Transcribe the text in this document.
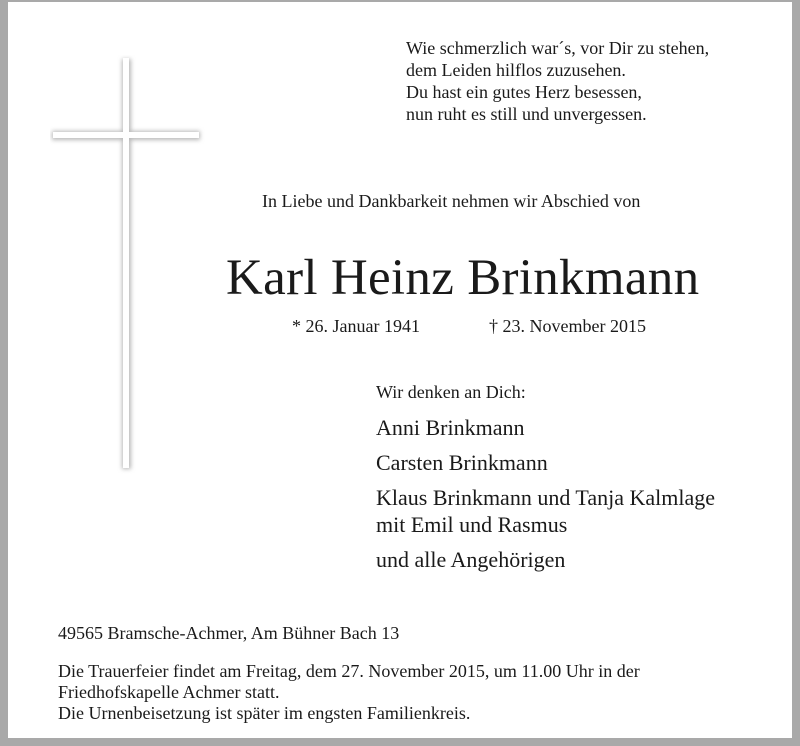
Wie schmerzlich war´s, vor Dir zu stehen,
dem Leiden hilflos zuzusehen.
Du hast ein gutes Herz besessen,
nun ruht es still und unvergessen.
In Liebe und Dankbarkeit nehmen wir Abschied von
Karl Heinz Brinkmann
* 26. Januar 1941	† 23. November 2015
Wir denken an Dich:
Anni Brinkmann
Carsten Brinkmann
Klaus Brinkmann und Tanja Kalmlage
mit Emil und Rasmus
und alle Angehörigen
49565 Bramsche-Achmer, Am Bühner Bach 13
Die Trauerfeier findet am Freitag, dem 27. November 2015, um 11.00 Uhr in der
Friedhofskapelle Achmer statt.
Die Urnenbeisetzung ist später im engsten Familienkreis.
